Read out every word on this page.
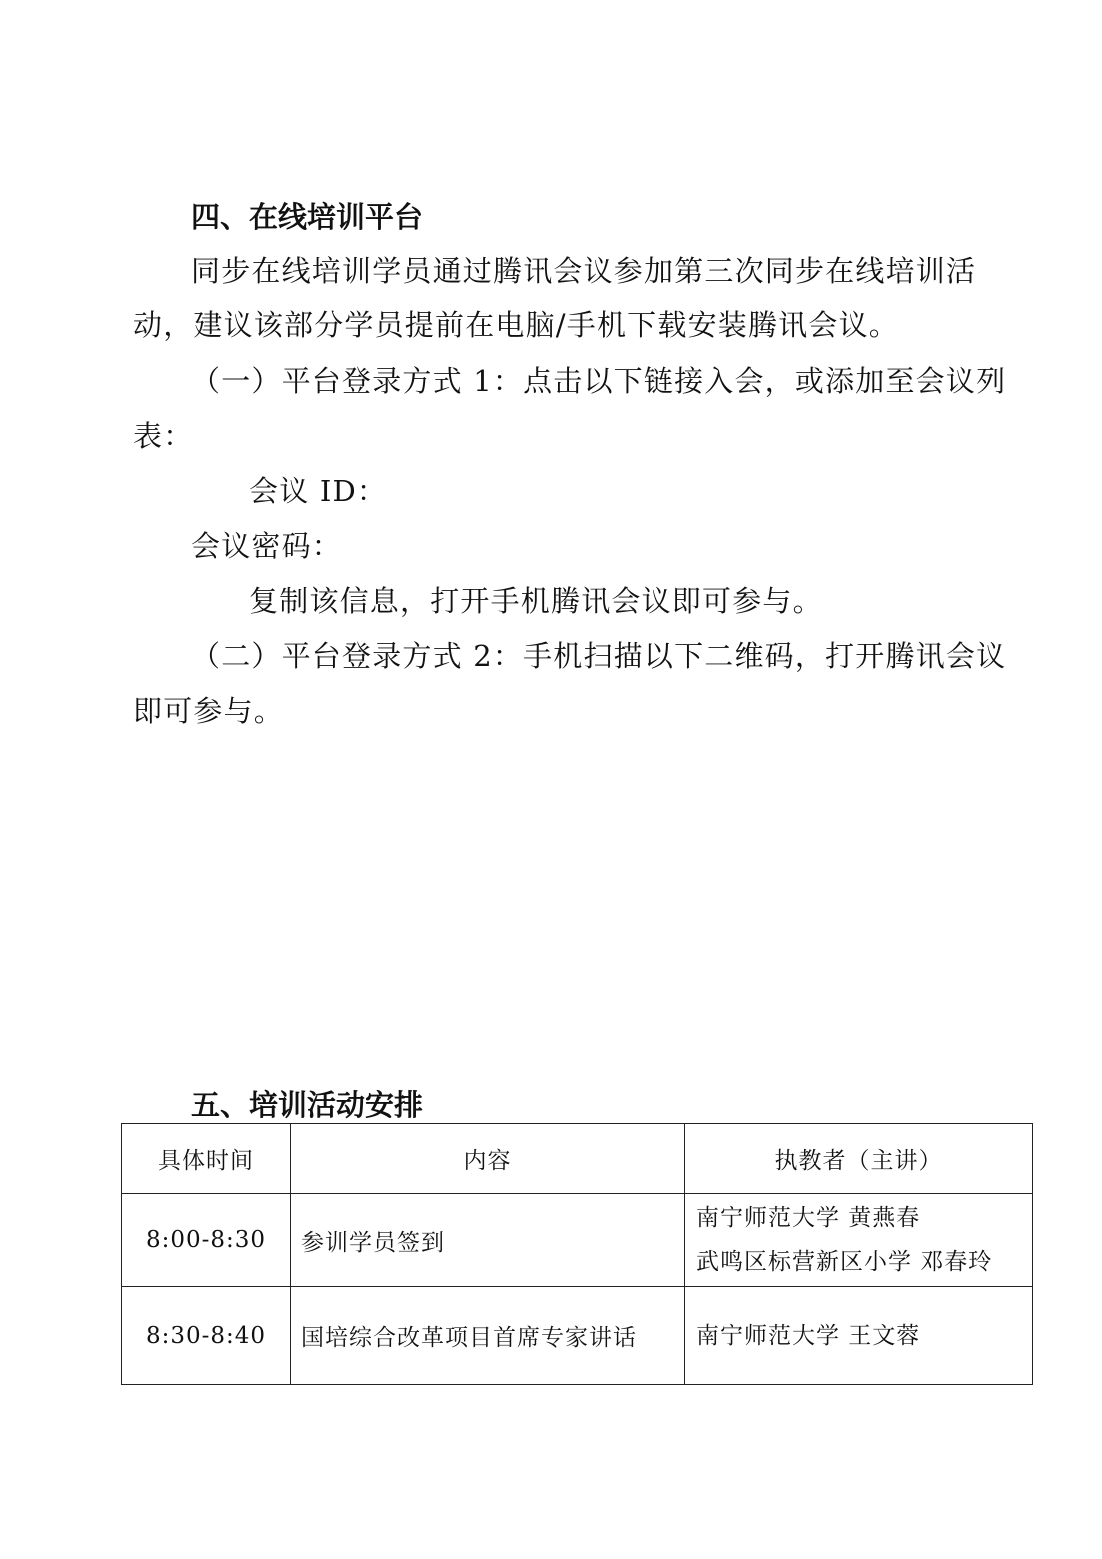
四、在线培训平台
同步在线培训学员通过腾讯会议参加第三次同步在线培训活
动，建议该部分学员提前在电脑/手机下载安装腾讯会议。
（一）平台登录方式 1：点击以下链接入会，或添加至会议列
表：
会议 ID：
会议密码：
复制该信息，打开手机腾讯会议即可参与。
（二）平台登录方式 2：手机扫描以下二维码，打开腾讯会议
即可参与。
五、培训活动安排
具体时间	内容	执教者（主讲）
8:00-8:30	参训学员签到	南宁师范大学 黄燕春
武鸣区标营新区小学 邓春玲

8:30-8:40	国培综合改革项目首席专家讲话	南宁师范大学 王文蓉
